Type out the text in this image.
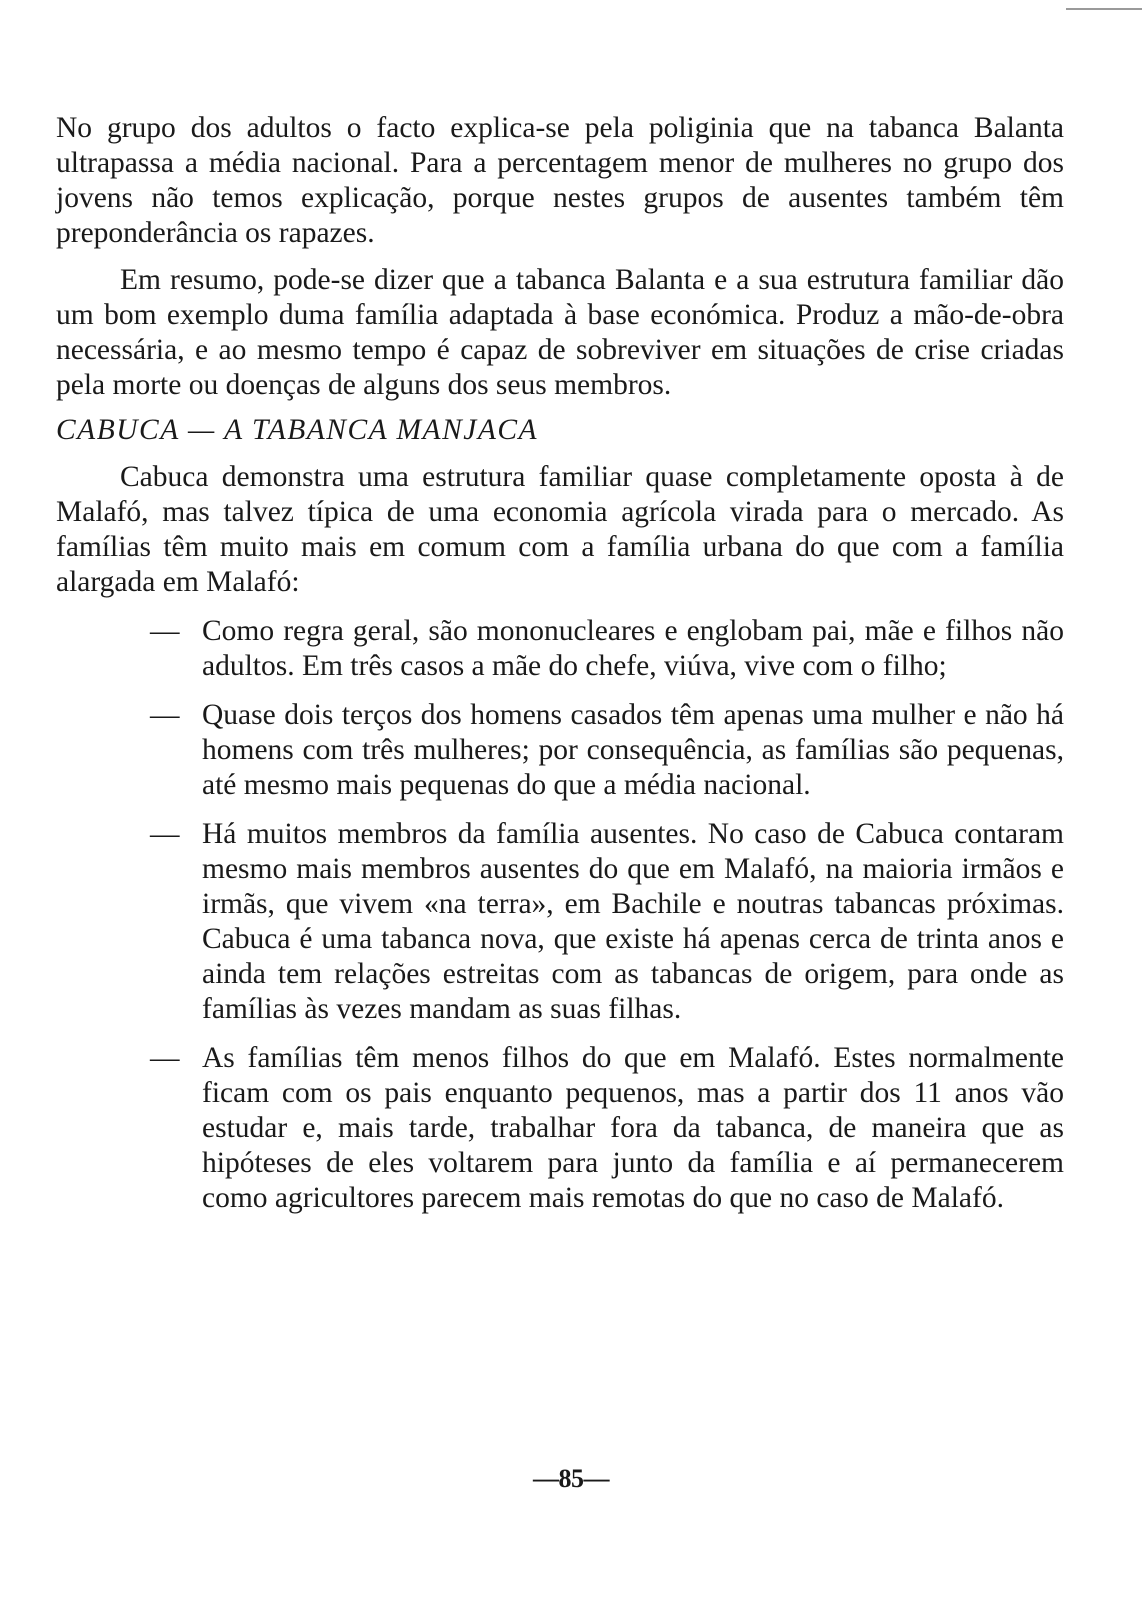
No grupo dos adultos o facto explica-se pela poliginia que na tabanca Balanta ultrapassa a média nacional. Para a percentagem menor de mulheres no grupo dos jovens não temos explicação, porque nestes grupos de ausentes também têm preponderância os rapazes.

Em resumo, pode-se dizer que a tabanca Balanta e a sua estrutura familiar dão um bom exemplo duma família adaptada à base económica. Produz a mão-de-obra necessária, e ao mesmo tempo é capaz de sobreviver em situações de crise criadas pela morte ou doenças de alguns dos seus membros.

CABUCA — A TABANCA MANJACA

Cabuca demonstra uma estrutura familiar quase completamente oposta à de Malafó, mas talvez típica de uma economia agrícola virada para o mercado. As famílias têm muito mais em comum com a família urbana do que com a família alargada em Malafó:

— Como regra geral, são mononucleares e englobam pai, mãe e filhos não adultos. Em três casos a mãe do chefe, viúva, vive com o filho;

— Quase dois terços dos homens casados têm apenas uma mulher e não há homens com três mulheres; por consequência, as famílias são pequenas, até mesmo mais pequenas do que a média nacional.

— Há muitos membros da família ausentes. No caso de Cabuca contaram mesmo mais membros ausentes do que em Malafó, na maioria irmãos e irmãs, que vivem «na terra», em Bachile e noutras tabancas próximas. Cabuca é uma tabanca nova, que existe há apenas cerca de trinta anos e ainda tem relações estreitas com as tabancas de origem, para onde as famílias às vezes mandam as suas filhas.

— As famílias têm menos filhos do que em Malafó. Estes normalmente ficam com os pais enquanto pequenos, mas a partir dos 11 anos vão estudar e, mais tarde, trabalhar fora da tabanca, de maneira que as hipóteses de eles voltarem para junto da família e aí permanecerem como agricultores parecem mais remotas do que no caso de Malafó.

—85—
